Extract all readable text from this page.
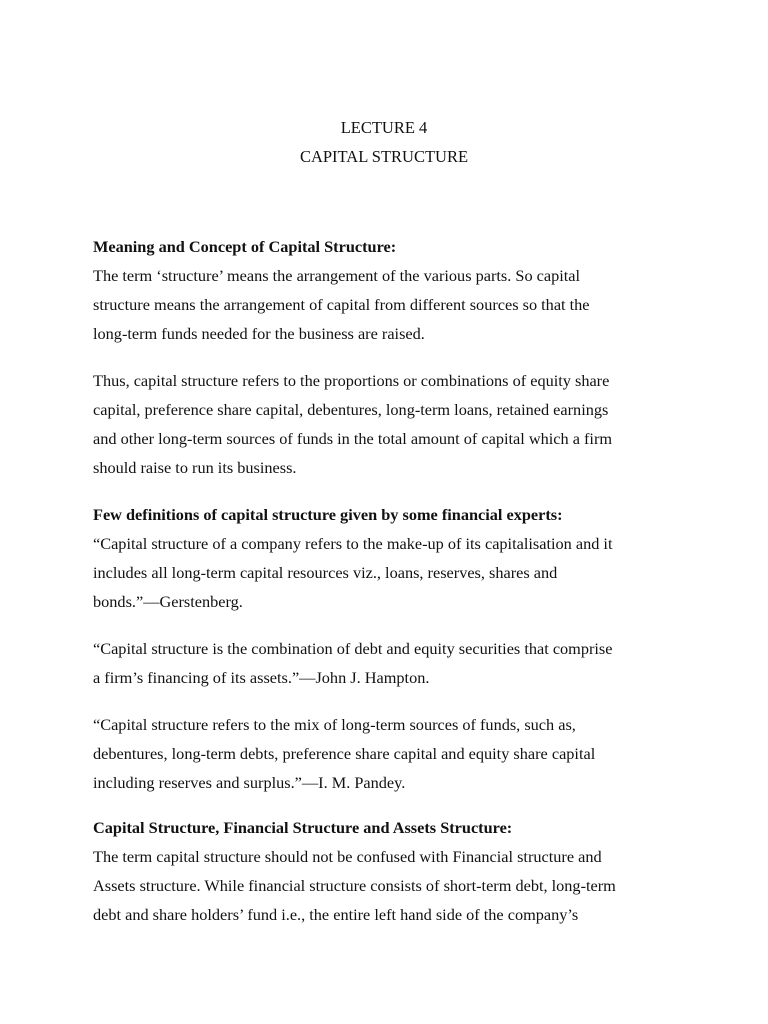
LECTURE 4
CAPITAL STRUCTURE
Meaning and Concept of Capital Structure:
The term ‘structure’ means the arrangement of the various parts. So capital
structure means the arrangement of capital from different sources so that the
long-term funds needed for the business are raised.
Thus, capital structure refers to the proportions or combinations of equity share
capital, preference share capital, debentures, long-term loans, retained earnings
and other long-term sources of funds in the total amount of capital which a firm
should raise to run its business.
Few definitions of capital structure given by some financial experts:
“Capital structure of a company refers to the make-up of its capitalisation and it
includes all long-term capital resources viz., loans, reserves, shares and
bonds.”—Gerstenberg.
“Capital structure is the combination of debt and equity securities that comprise
a firm’s financing of its assets.”—John J. Hampton.
“Capital structure refers to the mix of long-term sources of funds, such as,
debentures, long-term debts, preference share capital and equity share capital
including reserves and surplus.”—I. M. Pandey.
Capital Structure, Financial Structure and Assets Structure:
The term capital structure should not be confused with Financial structure and
Assets structure. While financial structure consists of short-term debt, long-term
debt and share holders’ fund i.e., the entire left hand side of the company’s
